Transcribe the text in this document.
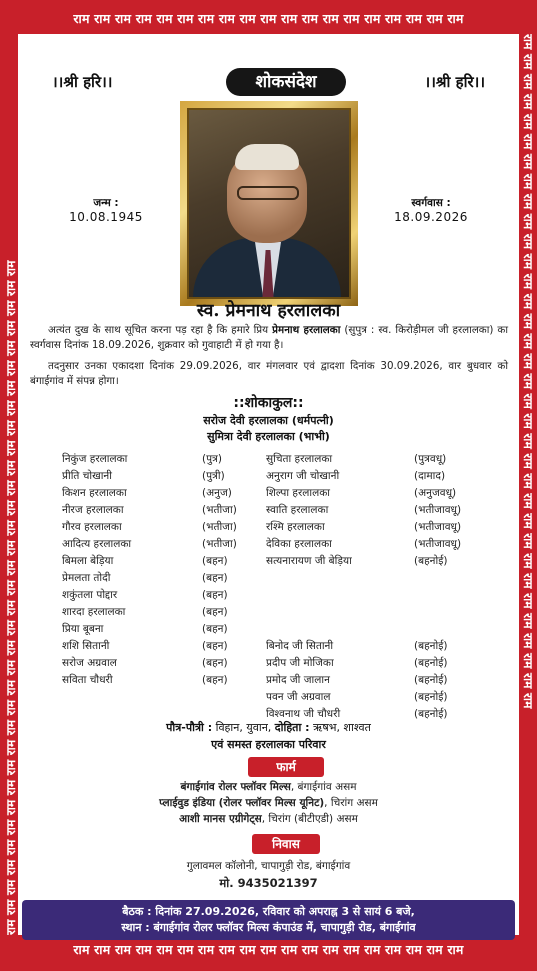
राम राम राम राम राम राम राम राम राम राम राम राम राम राम राम राम राम राम राम
राम राम राम राम राम राम राम राम राम राम राम राम राम राम राम राम राम राम राम
राम राम राम राम राम राम राम राम राम राम राम राम राम राम राम राम राम राम राम राम राम राम राम राम राम राम राम राम राम राम राम राम राम राम	राम राम राम राम राम राम राम राम राम राम राम राम राम राम राम राम राम राम राम राम राम राम राम राम राम राम राम राम राम राम राम राम राम राम
।।श्री हरि।।	।।श्री हरि।।
शोकसंदेश
जन्म :
10.08.1945
स्वर्गवास :
18.09.2026
स्व. प्रेमनाथ हरलालका
अत्यंत दुख के साथ सूचित करना पड़ रहा है कि हमारे प्रिय प्रेमनाथ हरलालका (सुपुत्र : स्व. किरोड़ीमल जी हरलालका) का स्वर्गवास दिनांक 18.09.2026, शुक्रवार को गुवाहाटी में हो गया है।
तदनुसार उनका एकादशा दिनांक 29.09.2026, वार मंगलवार एवं द्वादशा दिनांक 30.09.2026, वार बुधवार को बंगाईगांव में संपन्न होगा।
::शोकाकुल::
सरोज देवी हरलालका (धर्मपत्नी)
सुमित्रा देवी हरलालका (भाभी)
निकुंज हरलालका	(पुत्र)
प्रीति चोखानी	(पुत्री)
किशन हरलालका	(अनुज)
नीरज हरलालका	(भतीजा)
गौरव हरलालका	(भतीजा)
आदित्य हरलालका	(भतीजा)
बिमला बेड़िया	(बहन)
प्रेमलता तोदी	(बहन)
शकुंतला पोद्दार	(बहन)
शारदा हरलालका	(बहन)
प्रिया बूबना	(बहन)
शशि सितानी	(बहन)
सरोज अग्रवाल	(बहन)
सविता चौधरी	(बहन)
सुचिता हरलालका	(पुत्रवधू)
अनुराग जी चोखानी	(दामाद)
शिल्पा हरलालका	(अनुजवधू)
स्वाति हरलालका	(भतीजावधू)
रश्मि हरलालका	(भतीजावधू)
देविका हरलालका	(भतीजावधू)
सत्यनारायण जी बेड़िया	(बहनोई)
बिनोद जी सितानी	(बहनोई)
प्रदीप जी मोजिका	(बहनोई)
प्रमोद जी जालान	(बहनोई)
पवन जी अग्रवाल	(बहनोई)
विश्वनाथ जी चौधरी	(बहनोई)
पौत्र-पौत्री : विहान, युवान, दोहिता : ऋषभ, शाश्वत
एवं समस्त हरलालका परिवार
फार्म
बंगाईगांव रोलर फ्लॉवर मिल्स, बंगाईगांव असम
प्लाईवुड इंडिया (रोलर फ्लॉवर मिल्स यूनिट), चिरांग असम
आशी मानस एग्रीगेट्स, चिरांग (बीटीएडी) असम
निवास
गुलावमल कॉलोनी, चापागुड़ी रोड, बंगाईगांव
मो. 9435021397
बैठक : दिनांक 27.09.2026, रविवार को अपराह्न 3 से सायं 6 बजे,
स्थान : बंगाईगांव रोलर फ्लॉवर मिल्स कंपाउंड में, चापागुड़ी रोड, बंगाईगांव
